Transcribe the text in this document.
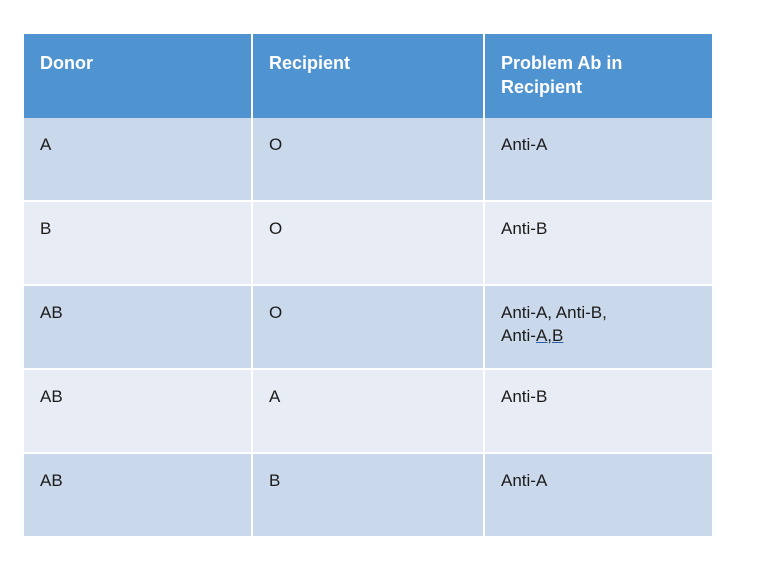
Donor	Recipient	Problem Ab in
Recipient

A	O	Anti-A

B	O	Anti-B

AB	O	Anti-A, Anti-B,
Anti-A,B

AB	A	Anti-B

AB	B	Anti-A
